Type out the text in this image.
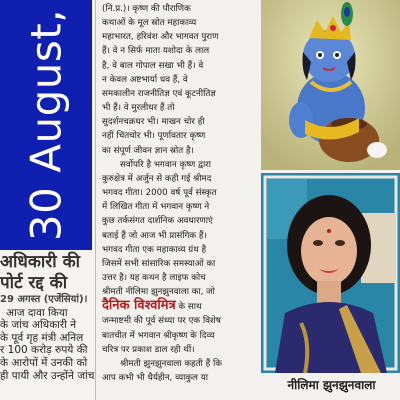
30 August,
अधिकारी की
पोर्ट रद्द की
29 अगस्त (एजेंसियां)।
आज दावा किया
के जांच अधिकारी ने
के पूर्व गृह मंत्री अनिल
र 100 करोड़ रुपये की
के आरोपों में उनकी को
ही पायी और उन्होंने जांच
(नि.प्र.)। कृष्ण की पौराणिक
कथाओं के मूल स्रोत महाकाव्य
महाभारत, हरिवंश और भागवत पुराण
हैं। वे न सिर्फ माता यशोदा के लाल
है, वे बाल गोपाल सखा भी हैं। वे
न केवल अष्टभार्या धव हैं, वे
समकालीन राजनीतिज्ञ एवं कूटनीतिज्ञ
भी हैं। वे मुरलीधर हैं तो
सुदर्शनचक्रधर भी। माखन चोर ही
नहीं चितचोर भी। पूर्णावतार कृष्ण
का संपूर्ण जीवन ज्ञान स्रोत है।
सर्वोपरि है भगवान कृष्ण द्वारा
कुरुक्षेत्र में अर्जुन से कही गई श्रीमद
भगवद गीता। 2000 वर्ष पूर्व संस्कृत
में लिखित गीता में भगवान कृष्ण ने
कुछ तर्कसंगत दार्शनिक अवधारणाएं
बताई हैं जो आज भी प्रासंगिक हैं।
भगवद गीता एक महाकाव्य ग्रंथ है
जिसमें सभी सांसारिक समस्याओं का
उत्तर है। यह कथन है लाइफ कोच
श्रीमती नीलिमा झुनझुनवाला का, जो
दैनिक विश्वमित्र के साथ
जन्माष्टमी की पूर्व संध्या पर एक विशेष
बातचीत में भगवान श्रीकृष्ण के दिव्य
चरित्र पर प्रकाश डाल रही थीं।
श्रीमती झुनझुनवाला कहती हैं कि
आप कभी भी धैर्यहीन, व्याकुल या	नीलिमा झुनझुनवाला
